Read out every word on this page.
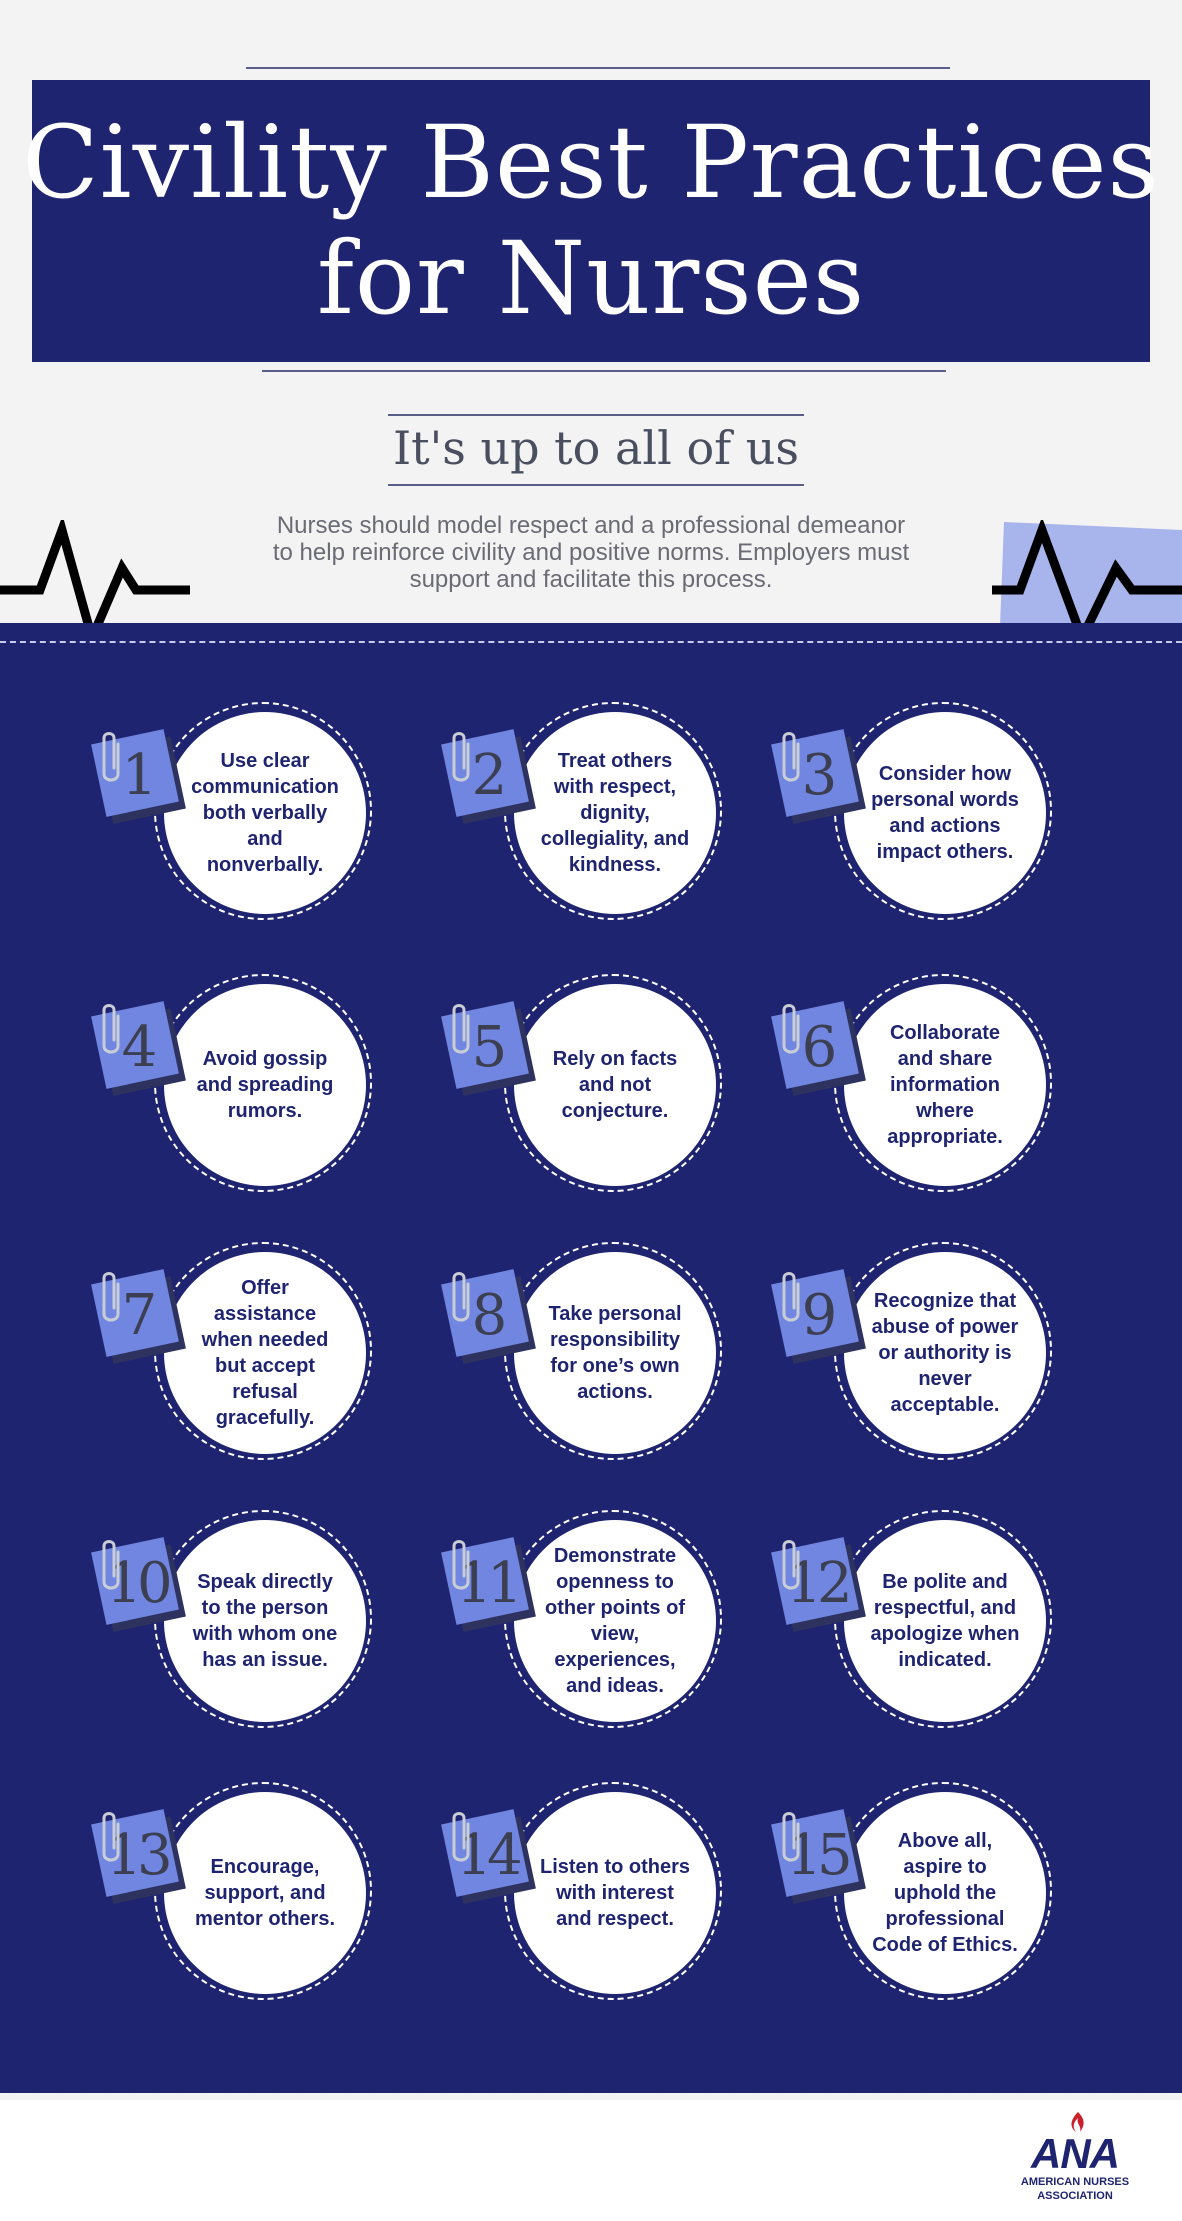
Civility Best Practices
for Nurses
It's up to all of us
Nurses should model respect and a professional demeanor
to help reinforce civility and positive norms. Employers must
support and facilitate this process.
Use clear communication both verbally and nonverbally.
1	Treat others with respect, dignity, collegiality, and kindness.
2	Consider how personal words and actions impact others.
3
Avoid gossip and spreading rumors.
4	Rely on facts and not conjecture.
5	Collaborate and share information where appropriate.
6
Offer assistance when needed but accept refusal gracefully.
7	Take personal responsibility for one’s own actions.
8	Recognize that abuse of power or authority is never acceptable.
9
Speak directly to the person with whom one has an issue.
10	Demonstrate openness to other points of view, experiences, and ideas.
11	Be polite and respectful, and apologize when indicated.
12
Encourage, support, and mentor others.
13	Listen to others with interest and respect.
14	Above all, aspire to uphold the professional Code of Ethics.
15
ANA
AMERICAN NURSES
ASSOCIATION
